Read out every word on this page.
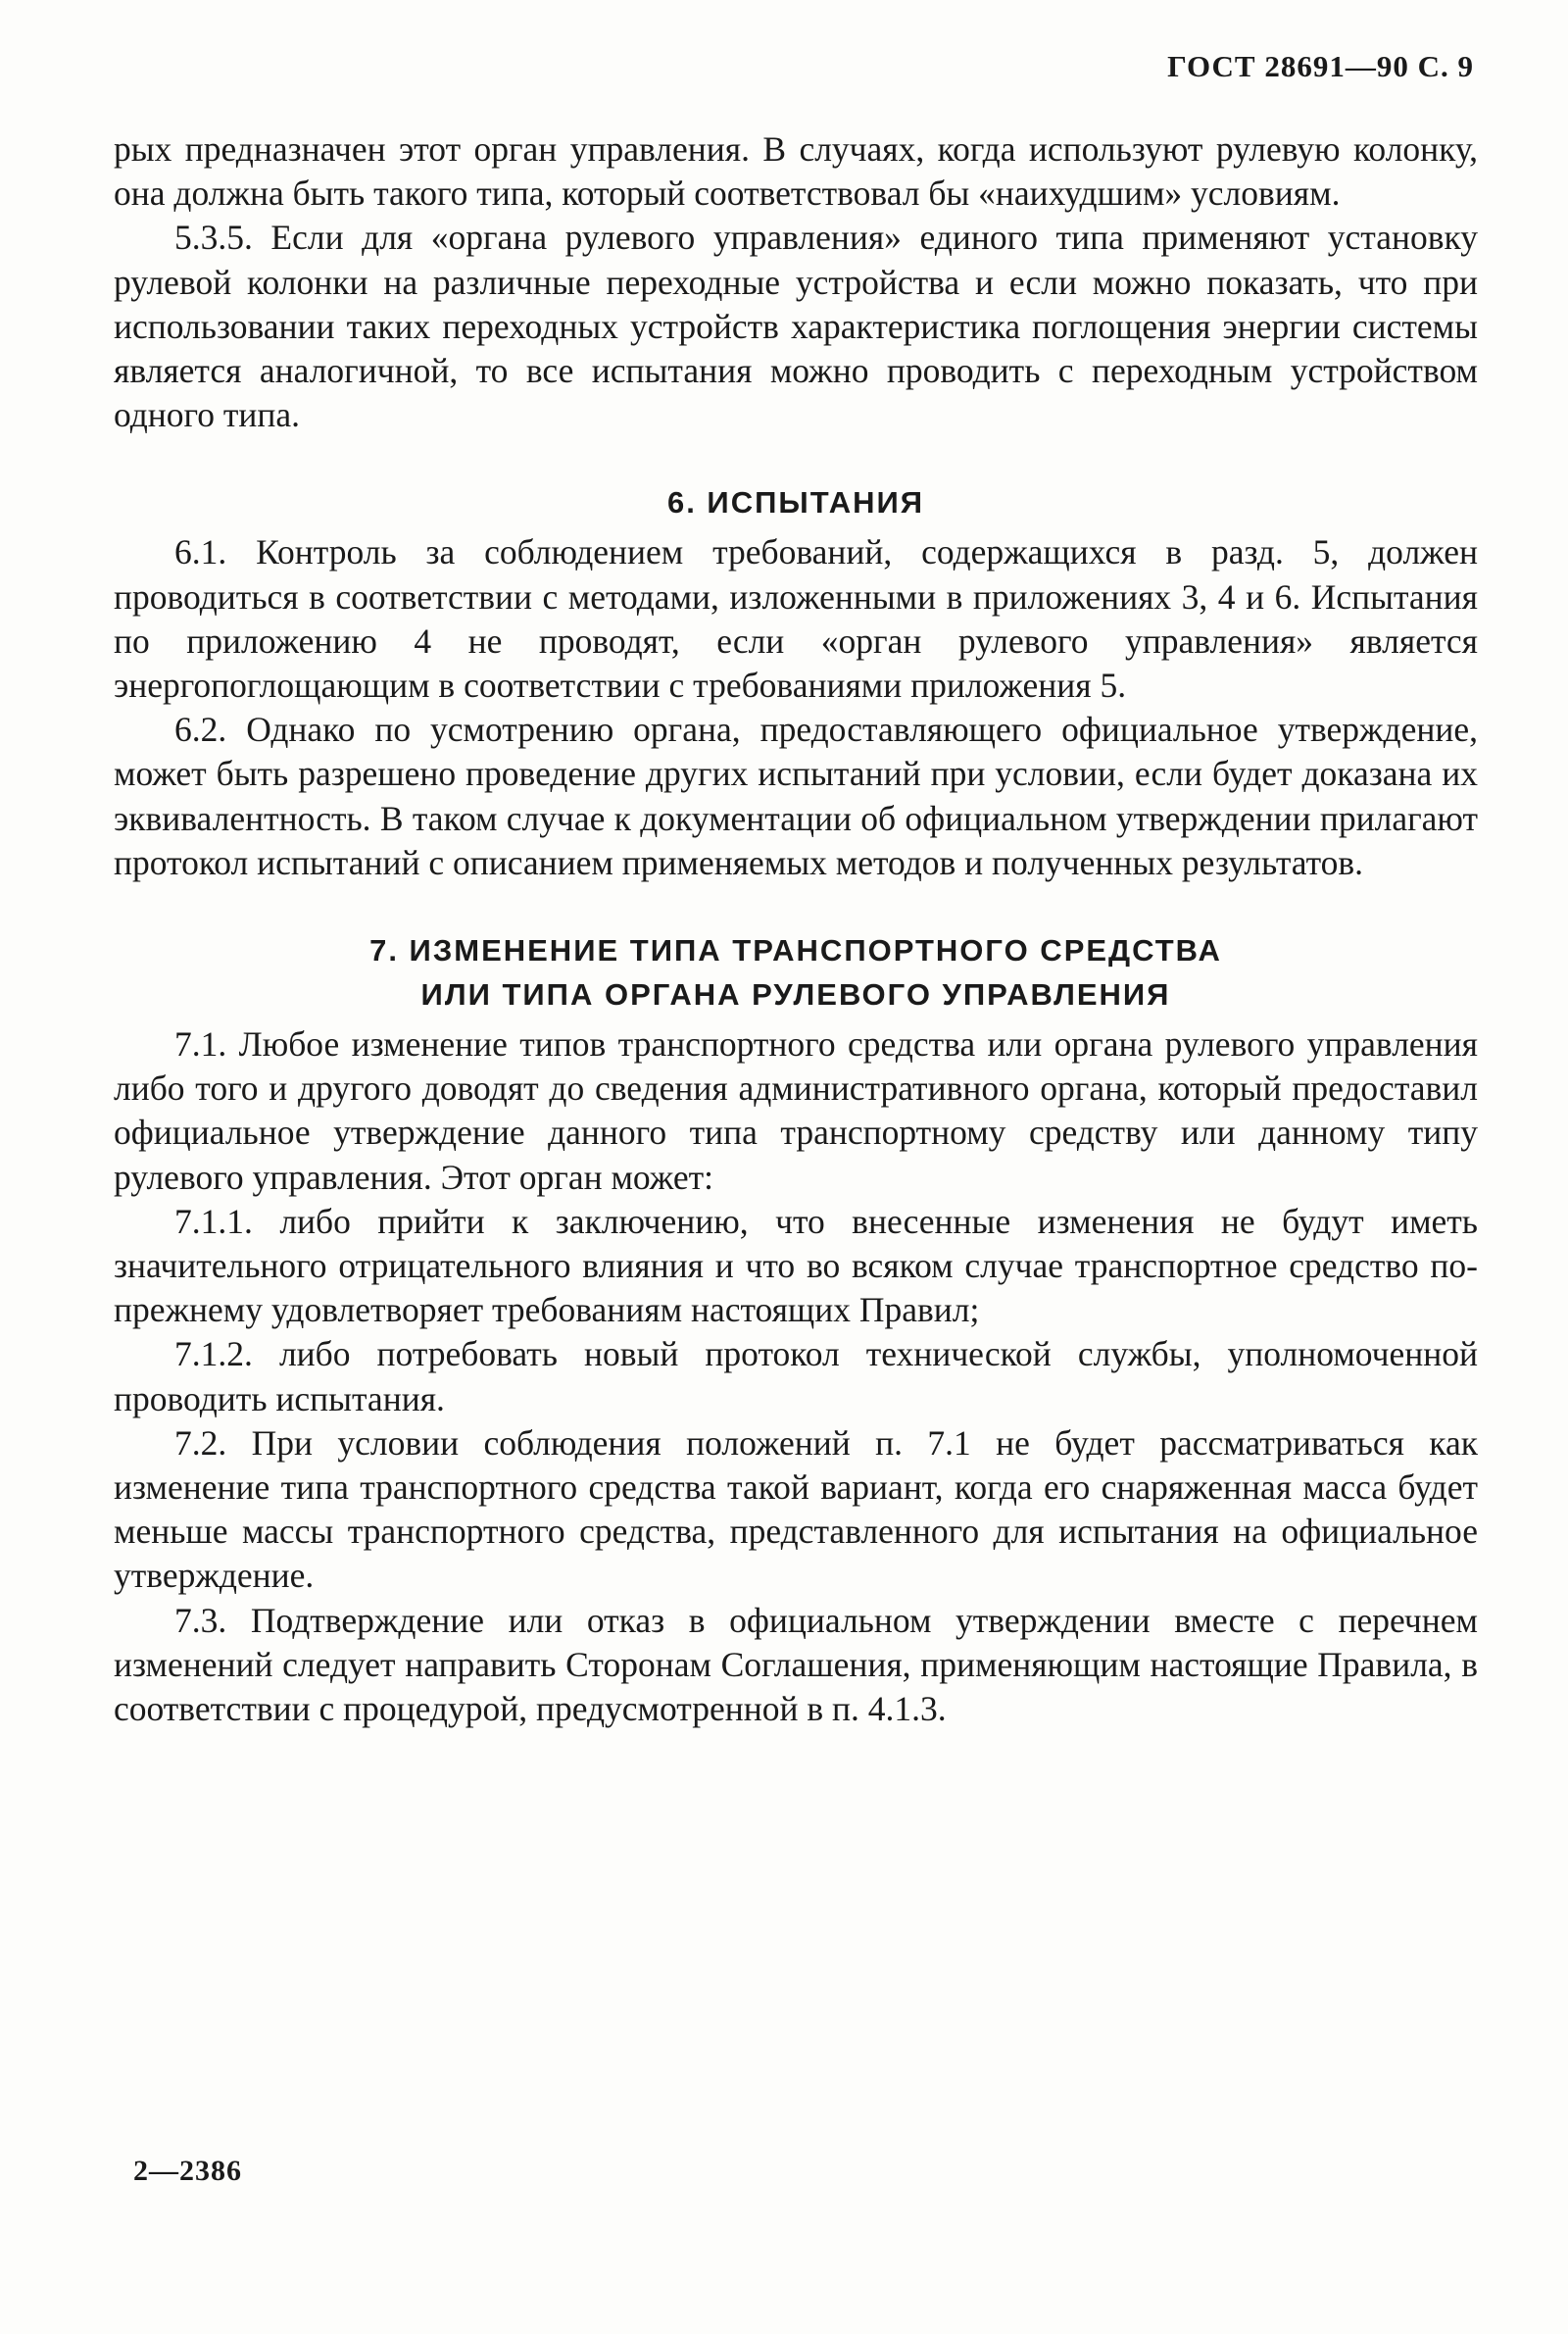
ГОСТ 28691—90 С. 9

рых предназначен этот орган управления. В случаях, когда используют рулевую колонку, она должна быть такого типа, который соответствовал бы «наихудшим» условиям.

5.3.5. Если для «органа рулевого управления» единого типа применяют установку рулевой колонки на различные переходные устройства и если можно показать, что при использовании таких переходных устройств характеристика поглощения энергии системы является аналогичной, то все испытания можно проводить с переходным устройством одного типа.

6. ИСПЫТАНИЯ

6.1. Контроль за соблюдением требований, содержащихся в разд. 5, должен проводиться в соответствии с методами, изложенными в приложениях 3, 4 и 6. Испытания по приложению 4 не проводят, если «орган рулевого управления» является энергопоглощающим в соответствии с требованиями приложения 5.

6.2. Однако по усмотрению органа, предоставляющего официальное утверждение, может быть разрешено проведение других испытаний при условии, если будет доказана их эквивалентность. В таком случае к документации об официальном утверждении прилагают протокол испытаний с описанием применяемых методов и полученных результатов.

7. ИЗМЕНЕНИЕ ТИПА ТРАНСПОРТНОГО СРЕДСТВА
ИЛИ ТИПА ОРГАНА РУЛЕВОГО УПРАВЛЕНИЯ

7.1. Любое изменение типов транспортного средства или органа рулевого управления либо того и другого доводят до сведения административного органа, который предоставил официальное утверждение данного типа транспортному средству или данному типу рулевого управления. Этот орган может:

7.1.1. либо прийти к заключению, что внесенные изменения не будут иметь значительного отрицательного влияния и что во всяком случае транспортное средство по-прежнему удовлетворяет требованиям настоящих Правил;

7.1.2. либо потребовать новый протокол технической службы, уполномоченной проводить испытания.

7.2. При условии соблюдения положений п. 7.1 не будет рассматриваться как изменение типа транспортного средства такой вариант, когда его снаряженная масса будет меньше массы транспортного средства, представленного для испытания на официальное утверждение.

7.3. Подтверждение или отказ в официальном утверждении вместе с перечнем изменений следует направить Сторонам Соглашения, применяющим настоящие Правила, в соответствии с процедурой, предусмотренной в п. 4.1.3.

2—2386
